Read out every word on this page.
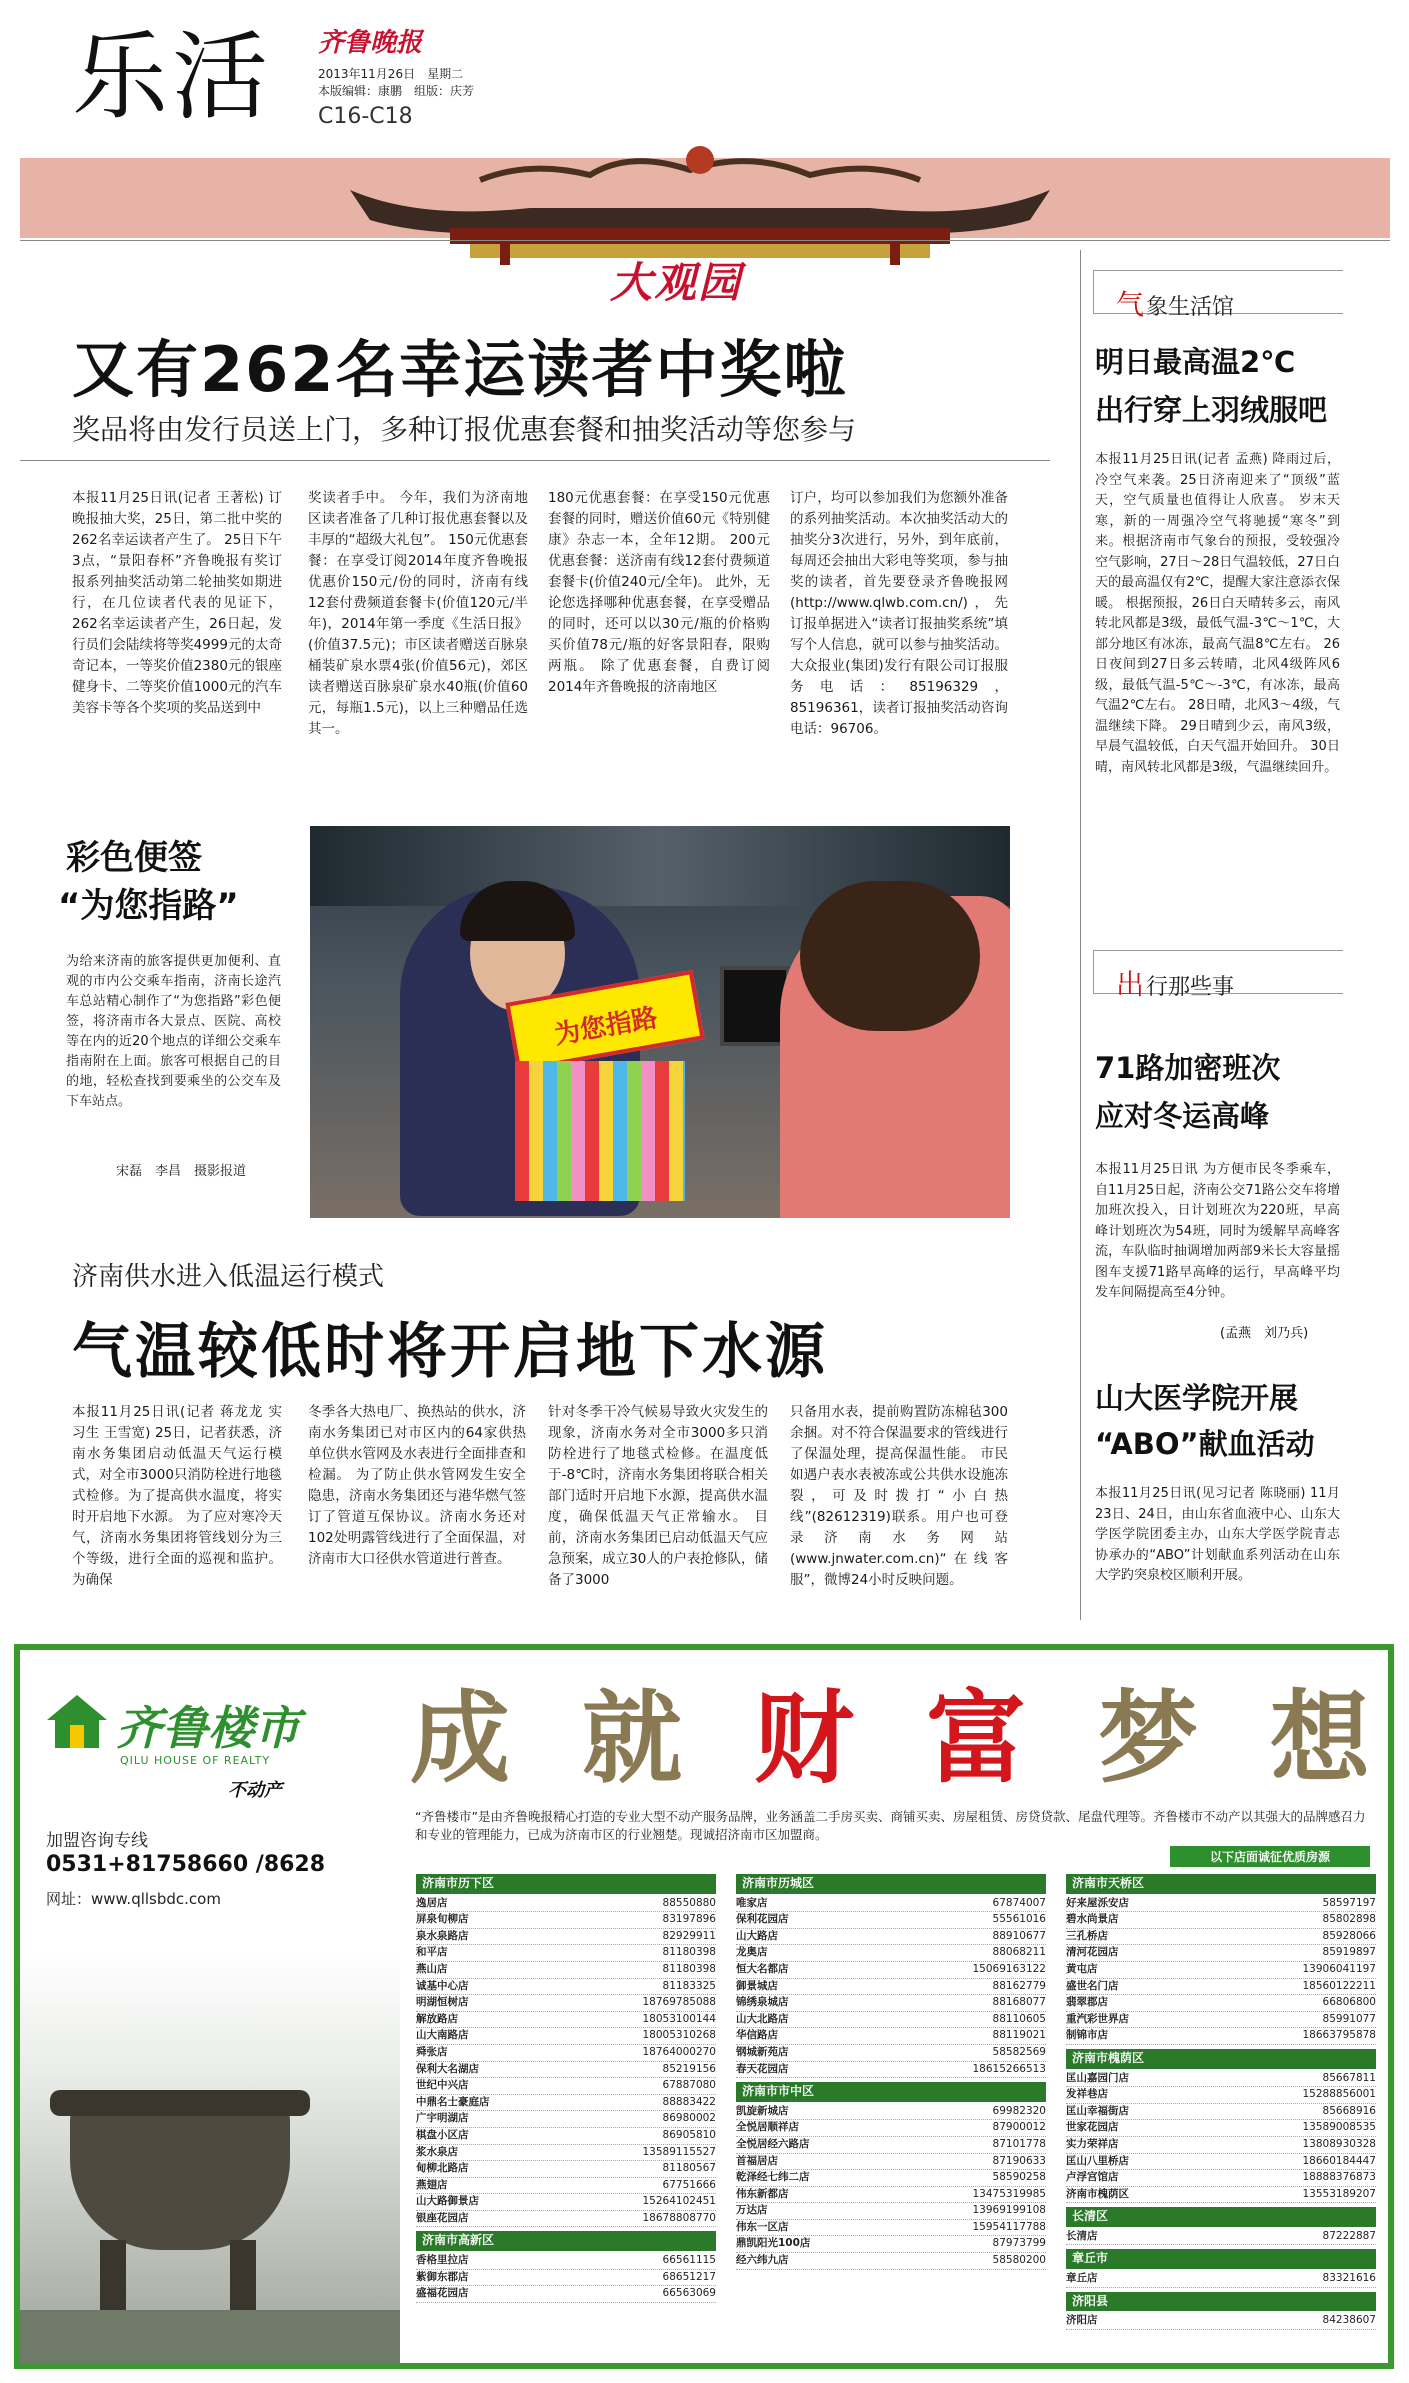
乐活 齐鲁晚报
2013年11月26日　 星期二
本版编辑：康鹏　 组版：庆芳
C16-C18
大观园
又有262名幸运读者中奖啦
奖品将由发行员送上门，多种订报优惠套餐和抽奖活动等您参与

本报11月25日讯(记者 王著松) 订晚报抽大奖，25日，第二批中奖的262名幸运读者产生了。 25日下午3点，“景阳春杯”齐鲁晚报有奖订报系列抽奖活动第二轮抽奖如期进行，在几位读者代表的见证下，262名幸运读者产生，26日起，发行员们会陆续将等奖4999元的太奇奇记本，一等奖价值2380元的银座健身卡、二等奖价值1000元的汽车美容卡等各个奖项的奖品送到中

奖读者手中。 今年，我们为济南地区读者准备了几种订报优惠套餐以及丰厚的“超级大礼包”。 150元优惠套餐：在享受订阅2014年度齐鲁晚报优惠价150元/份的同时，济南有线12套付费频道套餐卡(价值120元/半年)，2014年第一季度《生活日报》(价值37.5元)；市区读者赠送百脉泉桶装矿泉水票4张(价值56元)，郊区读者赠送百脉泉矿泉水40瓶(价值60元，每瓶1.5元)，以上三种赠品任选其一。

180元优惠套餐：在享受150元优惠套餐的同时，赠送价值60元《特别健康》杂志一本，全年12期。 200元优惠套餐：送济南有线12套付费频道套餐卡(价值240元/全年)。 此外，无论您选择哪种优惠套餐，在享受赠品的同时，还可以以30元/瓶的价格购买价值78元/瓶的好客景阳春，限购两瓶。 除了优惠套餐，自费订阅2014年齐鲁晚报的济南地区

订户，均可以参加我们为您额外准备的系列抽奖活动。本次抽奖活动大的抽奖分3次进行，另外，到年底前，每周还会抽出大彩电等奖项，参与抽奖的读者，首先要登录齐鲁晚报网(http://www.qlwb.com.cn/)，先订报单据进入“读者订报抽奖系统”填写个人信息，就可以参与抽奖活动。 大众报业(集团)发行有限公司订报服务电话：85196329，85196361，读者订报抽奖活动咨询电话：96706。

彩色便签
“为您指路”

为给来济南的旅客提供更加便利、直观的市内公交乘车指南，济南长途汽车总站精心制作了“为您指路”彩色便签，将济南市各大景点、医院、高校等在内的近20个地点的详细公交乘车指南附在上面。旅客可根据自己的目的地，轻松查找到要乘坐的公交车及下车站点。

宋磊　李昌　摄影报道
为您指路
济南供水进入低温运行模式
气温较低时将开启地下水源

本报11月25日讯(记者 蒋龙龙 实习生 王雪宽) 25日，记者获悉，济南水务集团启动低温天气运行模式，对全市3000只消防栓进行地毯式检修。为了提高供水温度，将实时开启地下水源。 为了应对寒冷天气，济南水务集团将管线划分为三个等级，进行全面的巡视和监护。为确保

冬季各大热电厂、换热站的供水，济南水务集团已对市区内的64家供热单位供水管网及水表进行全面排查和检漏。 为了防止供水管网发生安全隐患，济南水务集团还与港华燃气签订了管道互保协议。济南水务还对102处明露管线进行了全面保温，对济南市大口径供水管道进行普查。

针对冬季干冷气候易导致火灾发生的现象，济南水务对全市3000多只消防栓进行了地毯式检修。在温度低于-8℃时，济南水务集团将联合相关部门适时开启地下水源，提高供水温度，确保低温天气正常输水。 目前，济南水务集团已启动低温天气应急预案，成立30人的户表抢修队，储备了3000

只备用水表，提前购置防冻棉毡300余捆。对不符合保温要求的管线进行了保温处理，提高保温性能。 市民如遇户表水表被冻或公共供水设施冻裂，可及时拨打“小白热线”(82612319)联系。用户也可登录济南水务网站(www.jnwater.com.cn)“在线客服”，微博24小时反映问题。

气象生活馆
明日最高温2℃
出行穿上羽绒服吧

本报11月25日讯(记者 孟燕) 降雨过后，冷空气来袭。25日济南迎来了“顶级”蓝天，空气质量也值得让人欣喜。 岁末天寒，新的一周强冷空气将驰援“寒冬”到来。根据济南市气象台的预报，受较强冷空气影响，27日～28日气温较低，27日白天的最高温仅有2℃，提醒大家注意添衣保暖。 根据预报，26日白天晴转多云，南风转北风都是3级，最低气温-3℃～1℃，大部分地区有冰冻，最高气温8℃左右。 26日夜间到27日多云转晴，北风4级阵风6级，最低气温-5℃～-3℃，有冰冻，最高气温2℃左右。 28日晴，北风3～4级，气温继续下降。 29日晴到少云，南风3级，早晨气温较低，白天气温开始回升。 30日晴，南风转北风都是3级，气温继续回升。

出行那些事
71路加密班次
应对冬运高峰

本报11月25日讯 为方便市民冬季乘车，自11月25日起，济南公交71路公交车将增加班次投入，日计划班次为220班，早高峰计划班次为54班，同时为缓解早高峰客流，车队临时抽调增加两部9米长大容量摇图车支援71路早高峰的运行，早高峰平均发车间隔提高至4分钟。

(孟燕　刘乃兵)
山大医学院开展
“ABO”献血活动

本报11月25日讯(见习记者 陈晓丽) 11月23日、24日，由山东省血液中心、山东大学医学院团委主办，山东大学医学院青志协承办的“ABO”计划献血系列活动在山东大学趵突泉校区顺利开展。

齐鲁楼市
QILU HOUSE OF REALTY
不动产
加盟咨询专线
0531+81758660 /8628
网址：www.qllsbdc.com
成 就 财 富 梦 想

“齐鲁楼市”是由齐鲁晚报精心打造的专业大型不动产服务品牌，业务涵盖二手房买卖、商铺买卖、房屋租赁、房贷贷款、尾盘代理等。齐鲁楼市不动产以其强大的品牌感召力和专业的管理能力，已成为济南市区的行业翘楚。现诚招济南市区加盟商。

以下店面诚征优质房源
济南市历下区
逸居店	88550880
屏泉旬柳店	83197896
泉水泉路店	82929911
和平店	81180398
燕山店	81180398
诚基中心店	81183325
明湖恒树店	18769785088
解放路店	18053100144
山大南路店	18005310268
舜张店	18764000270
保利大名湖店	85219156
世纪中兴店	67887080
中鼎名士豪庭店	88883422
广宇明湖店	86980002
棋盘小区店	86905810
浆水泉店	13589115527
甸柳北路店	81180567
燕翅店	67751666
山大路御景店	15264102451
银座花园店	18678808770
济南市高新区
香格里拉店	66561115
紫御东郡店	68651217
盛福花园店	66563069
济南市历城区
唯家店	67874007
保利花园店	55561016
山大路店	88910677
龙奥店	88068211
恒大名都店	15069163122
御景城店	88162779
锦绣泉城店	88168077
山大北路店	88110605
华信路店	88119021
钢城新苑店	58582569
春天花园店	18615266513
济南市市中区
凯旋新城店	69982320
全悦居顺祥店	87900012
全悦居经六路店	87101778
首福居店	87190633
乾泽经七纬二店	58590258
伟东新都店	13475319985
万达店	13969199108
伟东一区店	15954117788
鼎凯阳光100店	87973799
经六纬九店	58580200
济南市天桥区
好来屋泺安店	58597197
碧水尚景店	85802898
三孔桥店	85928066
清河花园店	85919897
黄屯店	13906041197
盛世名门店	18560122211
翡翠郡店	66806800
重汽彩世界店	85991077
制锦市店	18663795878
济南市槐荫区
匡山嘉园门店	85667811
发祥巷店	15288856001
匡山幸福街店	85668916
世家花园店	13589008535
实力荣祥店	13808930328
匡山八里桥店	18660184447
卢浮宫馆店	18888376873
济南市槐荫区	13553189207
长清区
长清店	87222887
章丘市
章丘店	83321616
济阳县
济阳店	84238607
